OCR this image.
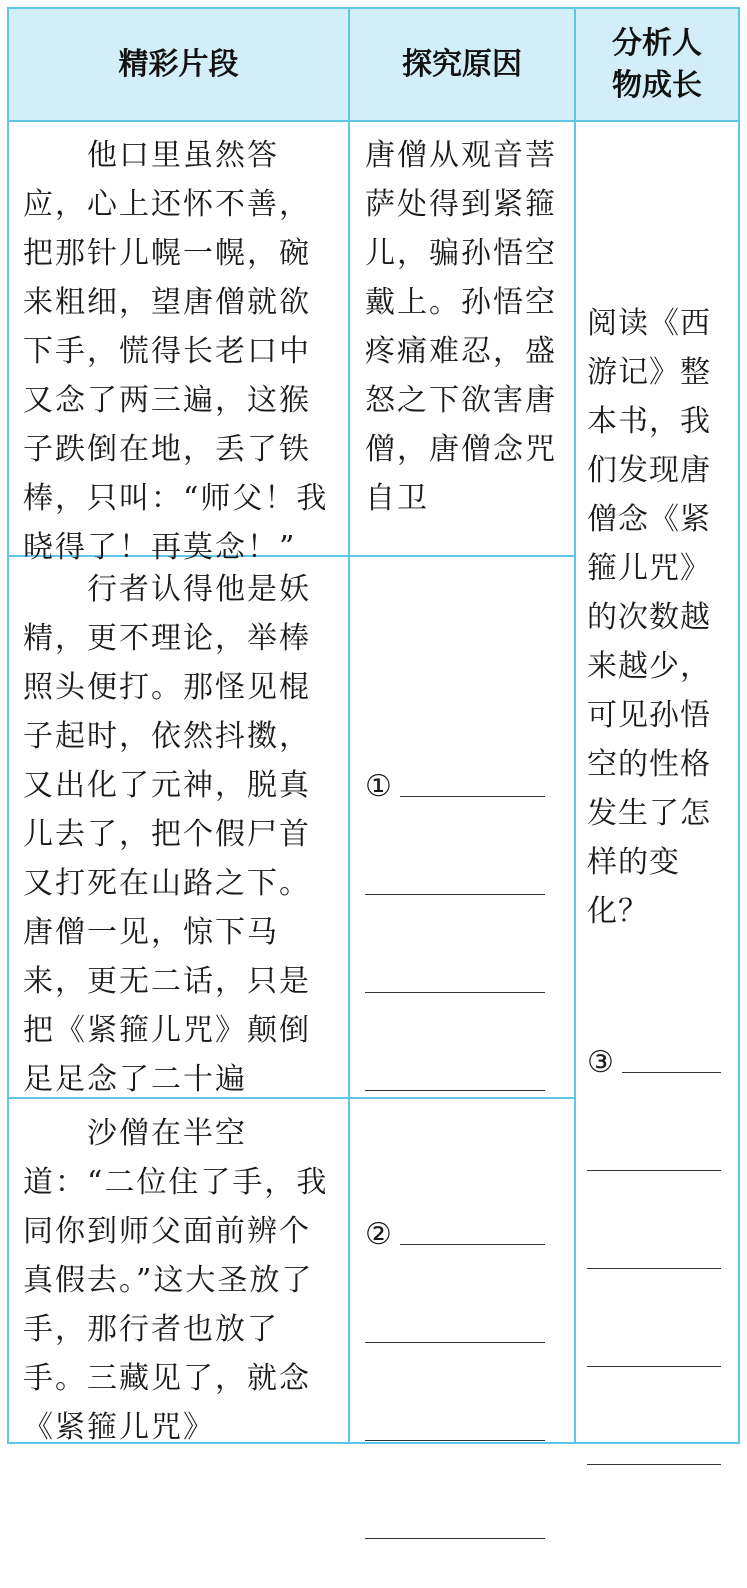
精彩片段	探究原因
分析人
物成长
　　他口里虽然答应，心上还怀不善，把那针儿幌一幌，碗来粗细，望唐僧就欲下手，慌得长老口中又念了两三遍，这猴子跌倒在地，丢了铁棒，只叫：“师父！我晓得了！再莫念！”
唐僧从观音菩萨处得到紧箍儿，骗孙悟空戴上。孙悟空疼痛难忍，盛怒之下欲害唐僧，唐僧念咒自卫
　　行者认得他是妖精，更不理论，举棒照头便打。那怪见棍子起时，依然抖擞，又出化了元神，脱真儿去了，把个假尸首又打死在山路之下。唐僧一见，惊下马来，更无二话，只是把《紧箍儿咒》颠倒足足念了二十遍

①

　　沙僧在半空道：“二位住了手，我同你到师父面前辨个真假去。”这大圣放了手，那行者也放了手。三藏见了，就念《紧箍儿咒》

②

阅读《西游记》整本书，我们发现唐僧念《紧箍儿咒》的次数越来越少，可见孙悟空的性格发生了怎样的变化？

③
